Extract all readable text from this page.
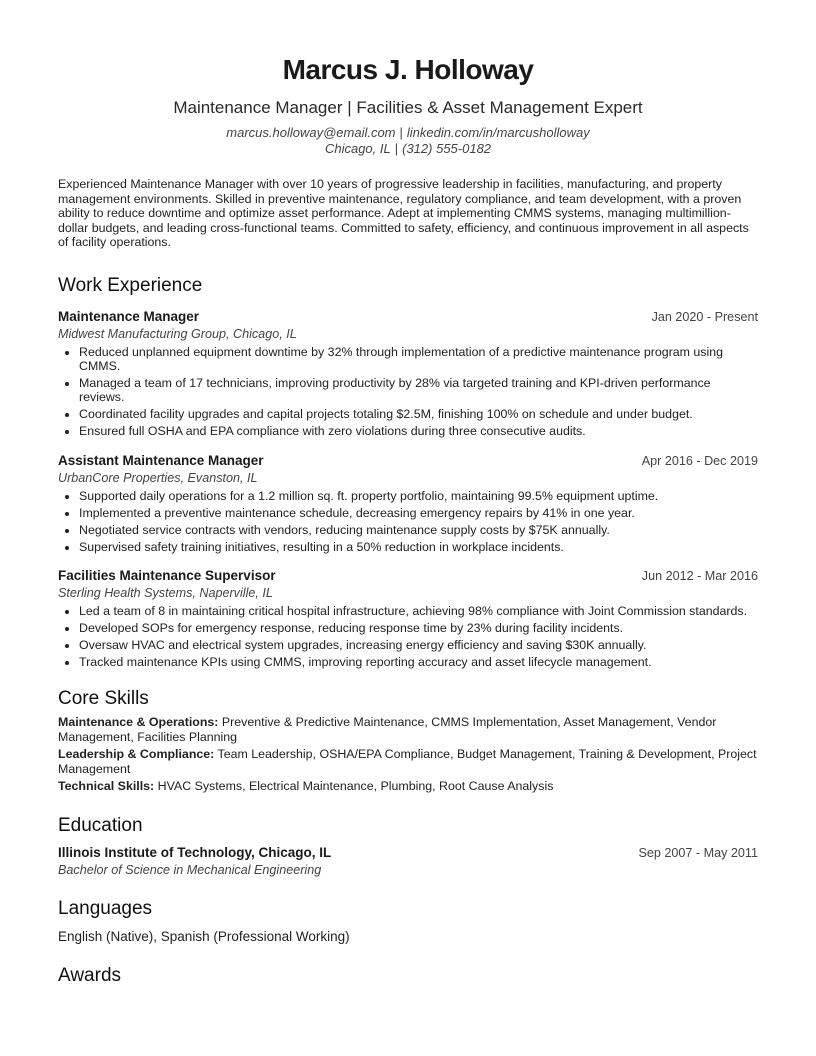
Marcus J. Holloway
Maintenance Manager | Facilities & Asset Management Expert
marcus.holloway@email.com | linkedin.com/in/marcusholloway
Chicago, IL | (312) 555-0182
Experienced Maintenance Manager with over 10 years of progressive leadership in facilities, manufacturing, and property management environments. Skilled in preventive maintenance, regulatory compliance, and team development, with a proven ability to reduce downtime and optimize asset performance. Adept at implementing CMMS systems, managing multimillion-dollar budgets, and leading cross-functional teams. Committed to safety, efficiency, and continuous improvement in all aspects of facility operations.
Work Experience
Maintenance Manager	Jan 2020 - Present
Midwest Manufacturing Group, Chicago, IL
• Reduced unplanned equipment downtime by 32% through implementation of a predictive maintenance program using CMMS.
• Managed a team of 17 technicians, improving productivity by 28% via targeted training and KPI-driven performance reviews.
• Coordinated facility upgrades and capital projects totaling $2.5M, finishing 100% on schedule and under budget.
• Ensured full OSHA and EPA compliance with zero violations during three consecutive audits.
Assistant Maintenance Manager	Apr 2016 - Dec 2019
UrbanCore Properties, Evanston, IL
• Supported daily operations for a 1.2 million sq. ft. property portfolio, maintaining 99.5% equipment uptime.
• Implemented a preventive maintenance schedule, decreasing emergency repairs by 41% in one year.
• Negotiated service contracts with vendors, reducing maintenance supply costs by $75K annually.
• Supervised safety training initiatives, resulting in a 50% reduction in workplace incidents.
Facilities Maintenance Supervisor	Jun 2012 - Mar 2016
Sterling Health Systems, Naperville, IL
• Led a team of 8 in maintaining critical hospital infrastructure, achieving 98% compliance with Joint Commission standards.
• Developed SOPs for emergency response, reducing response time by 23% during facility incidents.
• Oversaw HVAC and electrical system upgrades, increasing energy efficiency and saving $30K annually.
• Tracked maintenance KPIs using CMMS, improving reporting accuracy and asset lifecycle management.
Core Skills
Maintenance & Operations: Preventive & Predictive Maintenance, CMMS Implementation, Asset Management, Vendor Management, Facilities Planning
Leadership & Compliance: Team Leadership, OSHA/EPA Compliance, Budget Management, Training & Development, Project Management
Technical Skills: HVAC Systems, Electrical Maintenance, Plumbing, Root Cause Analysis
Education
Illinois Institute of Technology, Chicago, IL	Sep 2007 - May 2011
Bachelor of Science in Mechanical Engineering
Languages
English (Native), Spanish (Professional Working)
Awards
